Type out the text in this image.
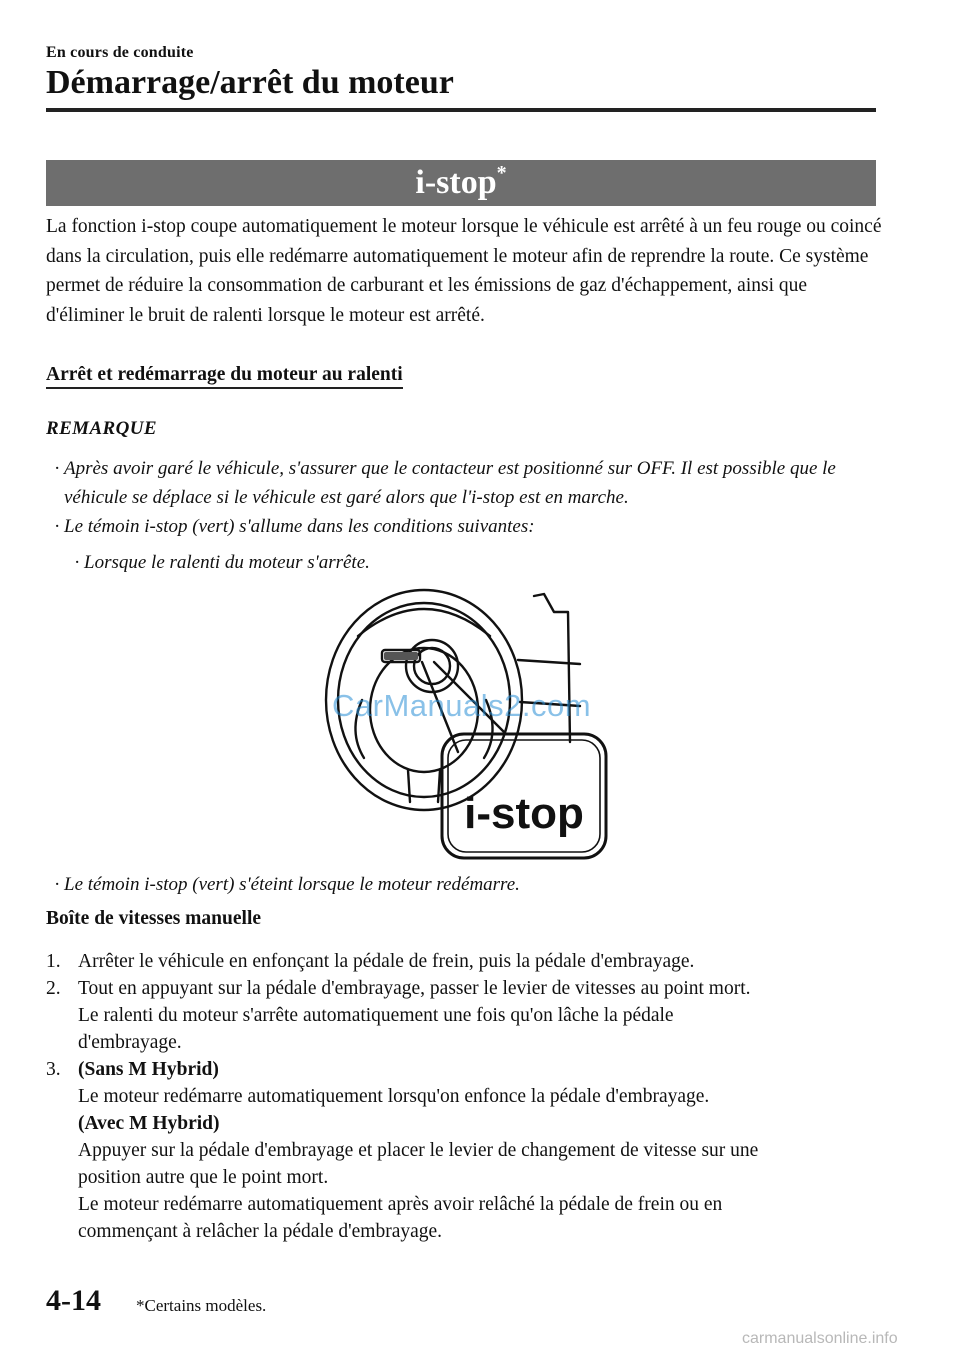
En cours de conduite
Démarrage/arrêt du moteur
i-stop*

La fonction i-stop coupe automatiquement le moteur lorsque le véhicule est arrêté à un feu rouge ou coincé dans la circulation, puis elle redémarre automatiquement le moteur afin de reprendre la route. Ce système permet de réduire la consommation de carburant et les émissions de gaz d'échappement, ainsi que d'éliminer le bruit de ralenti lorsque le moteur est arrêté.

Arrêt et redémarrage du moteur au ralenti
REMARQUE

· Après avoir garé le véhicule, s'assurer que le contacteur est positionné sur OFF. Il est possible que le véhicule se déplace si le véhicule est garé alors que l'i-stop est en marche.

· Le témoin i-stop (vert) s'allume dans les conditions suivantes:

· Lorsque le ralenti du moteur s'arrête.

i-stop
CarManuals2.com

· Le témoin i-stop (vert) s'éteint lorsque le moteur redémarre.

Boîte de vitesses manuelle
1. Arrêter le véhicule en enfonçant la pédale de frein, puis la pédale d'embrayage.
2. Tout en appuyant sur la pédale d'embrayage, passer le levier de vitesses au point mort.
Le ralenti du moteur s'arrête automatiquement une fois qu'on lâche la pédale
d'embrayage.
3. (Sans M Hybrid)
Le moteur redémarre automatiquement lorsqu'on enfonce la pédale d'embrayage.
(Avec M Hybrid)
Appuyer sur la pédale d'embrayage et placer le levier de changement de vitesse sur une
position autre que le point mort.
Le moteur redémarre automatiquement après avoir relâché la pédale de frein ou en
commençant à relâcher la pédale d'embrayage.
4-14 *Certains modèles.
carmanualsonline.info
